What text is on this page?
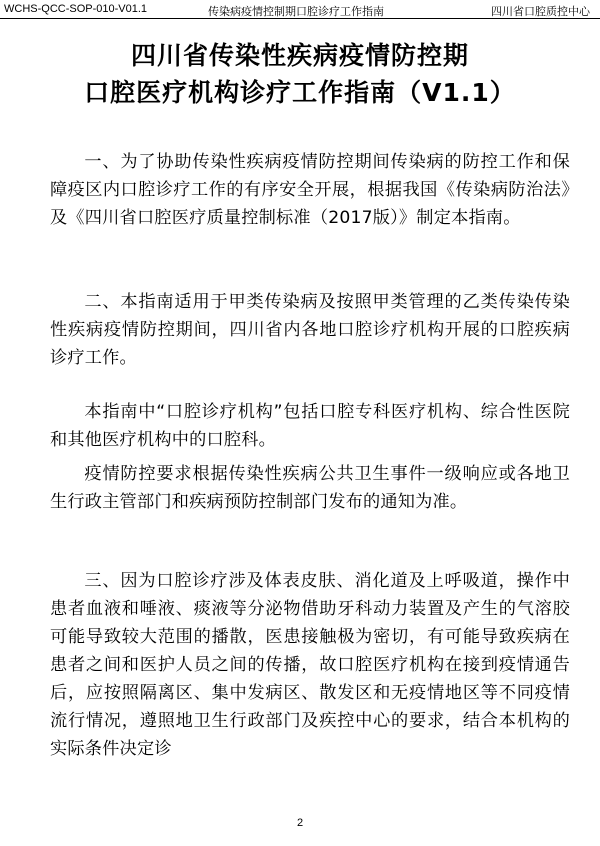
WCHS-QCC-SOP-010-V01.1	传染病疫情控制期口腔诊疗工作指南	四川省口腔质控中心
四川省传染性疾病疫情防控期
口腔医疗机构诊疗工作指南（V1.1）

一、为了协助传染性疾病疫情防控期间传染病的防控工作和保障疫区内口腔诊疗工作的有序安全开展，根据我国《传染病防治法》及《四川省口腔医疗质量控制标准（2017版）》制定本指南。

二、本指南适用于甲类传染病及按照甲类管理的乙类传染传染性疾病疫情防控期间，四川省内各地口腔诊疗机构开展的口腔疾病诊疗工作。

本指南中“口腔诊疗机构”包括口腔专科医疗机构、综合性医院和其他医疗机构中的口腔科。

疫情防控要求根据传染性疾病公共卫生事件一级响应或各地卫生行政主管部门和疾病预防控制部门发布的通知为准。

三、因为口腔诊疗涉及体表皮肤、消化道及上呼吸道，操作中患者血液和唾液、痰液等分泌物借助牙科动力装置及产生的气溶胶可能导致较大范围的播散，医患接触极为密切，有可能导致疾病在患者之间和医护人员之间的传播，故口腔医疗机构在接到疫情通告后，应按照隔离区、集中发病区、散发区和无疫情地区等不同疫情流行情况，遵照地卫生行政部门及疾控中心的要求，结合本机构的实际条件决定诊

2
